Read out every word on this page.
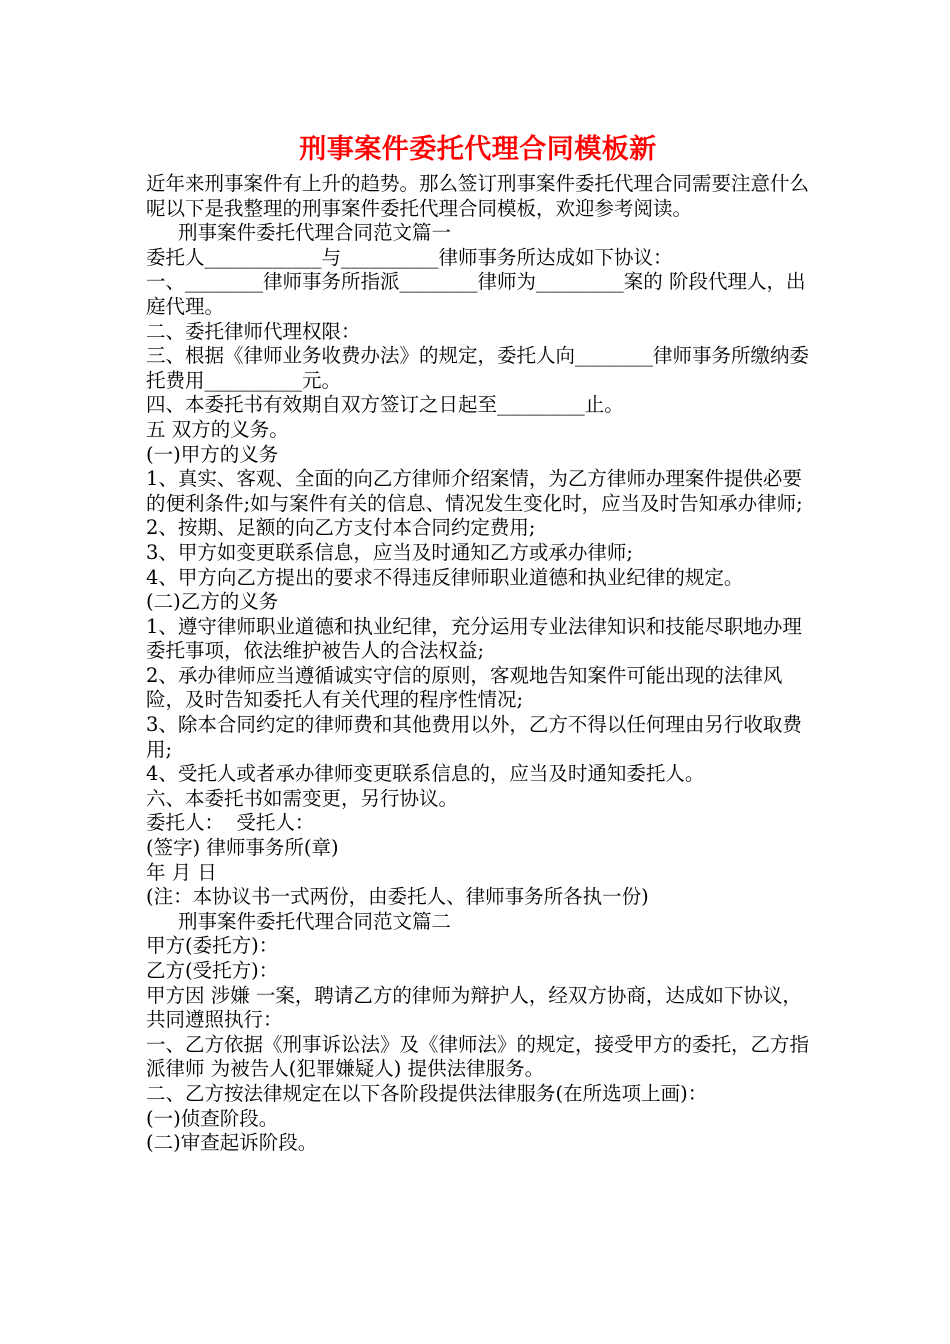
刑事案件委托代理合同模板新

近年来刑事案件有上升的趋势。那么签订刑事案件委托代理合同需要注意什么呢以下是我整理的刑事案件委托代理合同模板，欢迎参考阅读。

刑事案件委托代理合同范文篇一

委托人____________与__________律师事务所达成如下协议：

一、________律师事务所指派________律师为_________案的 阶段代理人，出庭代理。

二、委托律师代理权限：

三、根据《律师业务收费办法》的规定，委托人向________律师事务所缴纳委托费用__________元。

四、本委托书有效期自双方签订之日起至_________止。

五 双方的义务。

(一)甲方的义务

1、真实、客观、全面的向乙方律师介绍案情，为乙方律师办理案件提供必要的便利条件;如与案件有关的信息、情况发生变化时，应当及时告知承办律师;

2、按期、足额的向乙方支付本合同约定费用;

3、甲方如变更联系信息，应当及时通知乙方或承办律师;

4、甲方向乙方提出的要求不得违反律师职业道德和执业纪律的规定。

(二)乙方的义务

1、遵守律师职业道德和执业纪律，充分运用专业法律知识和技能尽职地办理委托事项，依法维护被告人的合法权益;

2、承办律师应当遵循诚实守信的原则，客观地告知案件可能出现的法律风险，及时告知委托人有关代理的程序性情况;

3、除本合同约定的律师费和其他费用以外，乙方不得以任何理由另行收取费用;

4、受托人或者承办律师变更联系信息的，应当及时通知委托人。

六、本委托书如需变更，另行协议。

委托人：  受托人：

(签字) 律师事务所(章)

年 月 日

(注：本协议书一式两份，由委托人、律师事务所各执一份)

刑事案件委托代理合同范文篇二

甲方(委托方)：

乙方(受托方)：

甲方因 涉嫌 一案，聘请乙方的律师为辩护人，经双方协商，达成如下协议，共同遵照执行：

一、乙方依据《刑事诉讼法》及《律师法》的规定，接受甲方的委托，乙方指派律师 为被告人(犯罪嫌疑人) 提供法律服务。

二、乙方按法律规定在以下各阶段提供法律服务(在所选项上画)：

(一)侦查阶段。

(二)审查起诉阶段。
